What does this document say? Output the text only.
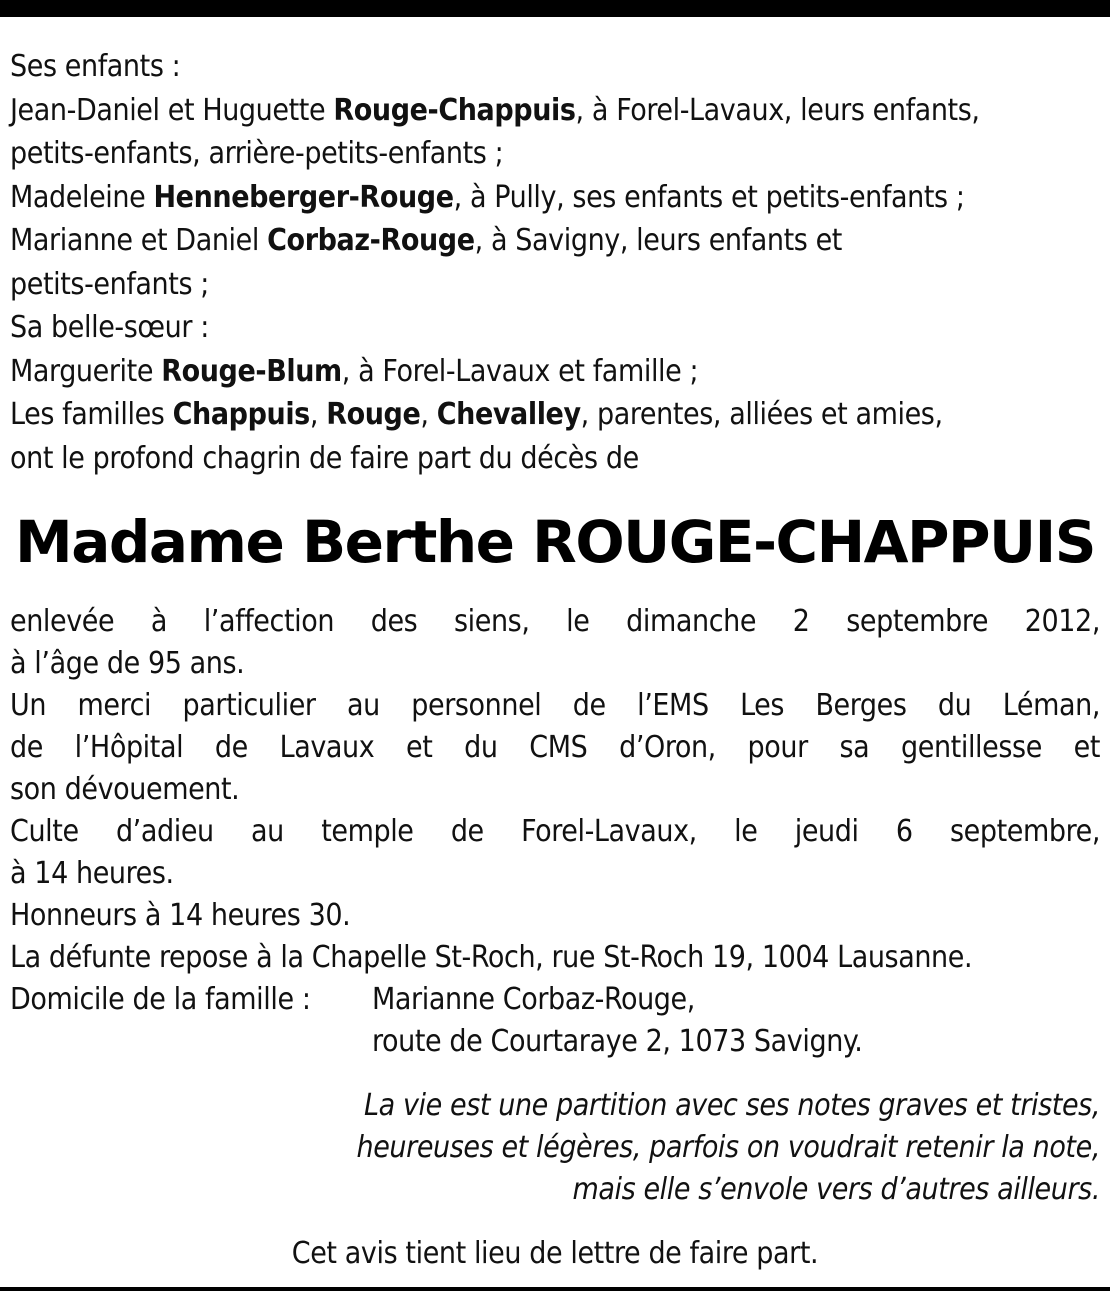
Ses enfants :
Jean-Daniel et Huguette Rouge-Chappuis, à Forel-Lavaux, leurs enfants,
petits-enfants, arrière-petits-enfants ;
Madeleine Henneberger-Rouge, à Pully, ses enfants et petits-enfants ;
Marianne et Daniel Corbaz-Rouge, à Savigny, leurs enfants et
petits-enfants ;
Sa belle-sœur :
Marguerite Rouge-Blum, à Forel-Lavaux et famille ;
Les familles Chappuis, Rouge, Chevalley, parentes, alliées et amies,
ont le profond chagrin de faire part du décès de
Madame Berthe ROUGE-CHAPPUIS
enlevée à l’affection des siens, le dimanche 2 septembre 2012,
à l’âge de 95 ans.
Un merci particulier au personnel de l’EMS Les Berges du Léman,
de l’Hôpital de Lavaux et du CMS d’Oron, pour sa gentillesse et
son dévouement.
Culte d’adieu au temple de Forel-Lavaux, le jeudi 6 septembre,
à 14 heures.
Honneurs à 14 heures 30.
La défunte repose à la Chapelle St-Roch, rue St-Roch 19, 1004 Lausanne.
Domicile de la famille :	Marianne Corbaz-Rouge,
route de Courtaraye 2, 1073 Savigny.
La vie est une partition avec ses notes graves et tristes,
heureuses et légères, parfois on voudrait retenir la note,
mais elle s’envole vers d’autres ailleurs.
Cet avis tient lieu de lettre de faire part.
